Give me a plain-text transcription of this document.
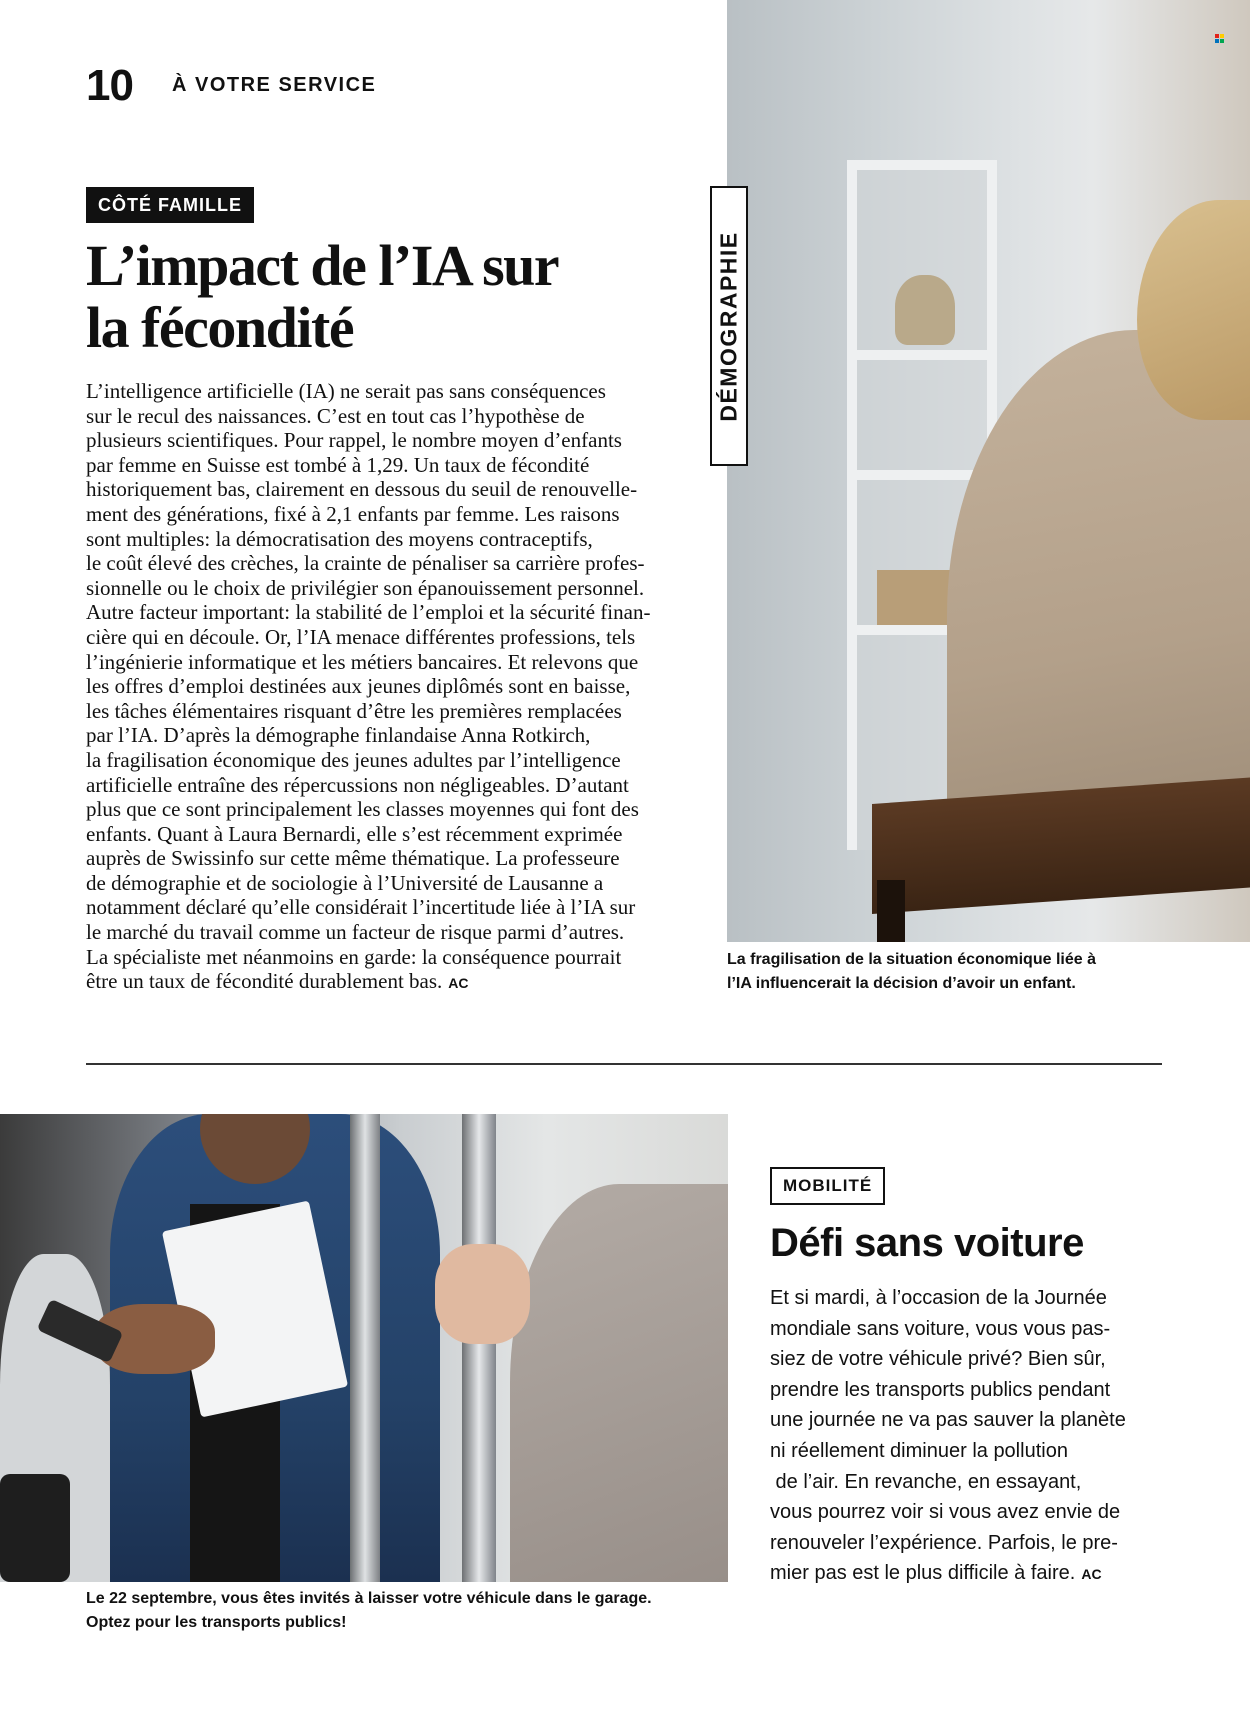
10 À VOTRE SERVICE
DÉMOGRAPHIE
La fragilisation de la situation économique liée à
l’IA influencerait la décision d’avoir un enfant.
CÔTÉ FAMILLE
L’impact de l’IA sur
la fécondité
L’intelligence artificielle (IA) ne serait pas sans conséquences
sur le recul des naissances. C’est en tout cas l’hypothèse de
plusieurs scientifiques. Pour rappel, le nombre moyen d’enfants
par femme en Suisse est tombé à 1,29. Un taux de fécondité
historiquement bas, clairement en dessous du seuil de renouvelle-
ment des générations, fixé à 2,1 enfants par femme. Les raisons
sont multiples: la démocratisation des moyens contraceptifs,
le coût élevé des crèches, la crainte de pénaliser sa carrière profes-
sionnelle ou le choix de privilégier son épanouissement personnel.
Autre facteur important: la stabilité de l’emploi et la sécurité finan-
cière qui en découle. Or, l’IA menace différentes professions, tels
l’ingénierie informatique et les métiers bancaires. Et relevons que
les offres d’emploi destinées aux jeunes diplômés sont en baisse,
les tâches élémentaires risquant d’être les premières remplacées
par l’IA. D’après la démographe finlandaise Anna Rotkirch,
la fragilisation économique des jeunes adultes par l’intelligence
artificielle entraîne des répercussions non négligeables. D’autant
plus que ce sont principalement les classes moyennes qui font des
enfants. Quant à Laura Bernardi, elle s’est récemment exprimée
auprès de Swissinfo sur cette même thématique. La professeure
de démographie et de sociologie à l’Université de Lausanne a
notamment déclaré qu’elle considérait l’incertitude liée à l’IA sur
le marché du travail comme un facteur de risque parmi d’autres.
La spécialiste met néanmoins en garde: la conséquence pourrait
être un taux de fécondité durablement bas. AC
Le 22 septembre, vous êtes invités à laisser votre véhicule dans le garage.
Optez pour les transports publics!
MOBILITÉ
Défi sans voiture
Et si mardi, à l’occasion de la Journée
mondiale sans voiture, vous vous pas-
siez de votre véhicule privé? Bien sûr,
prendre les transports publics pendant
une journée ne va pas sauver la planète
ni réellement diminuer la pollution
de l’air. En revanche, en essayant,
vous pourrez voir si vous avez envie de
renouveler l’expérience. Parfois, le pre-
mier pas est le plus difficile à faire. AC
